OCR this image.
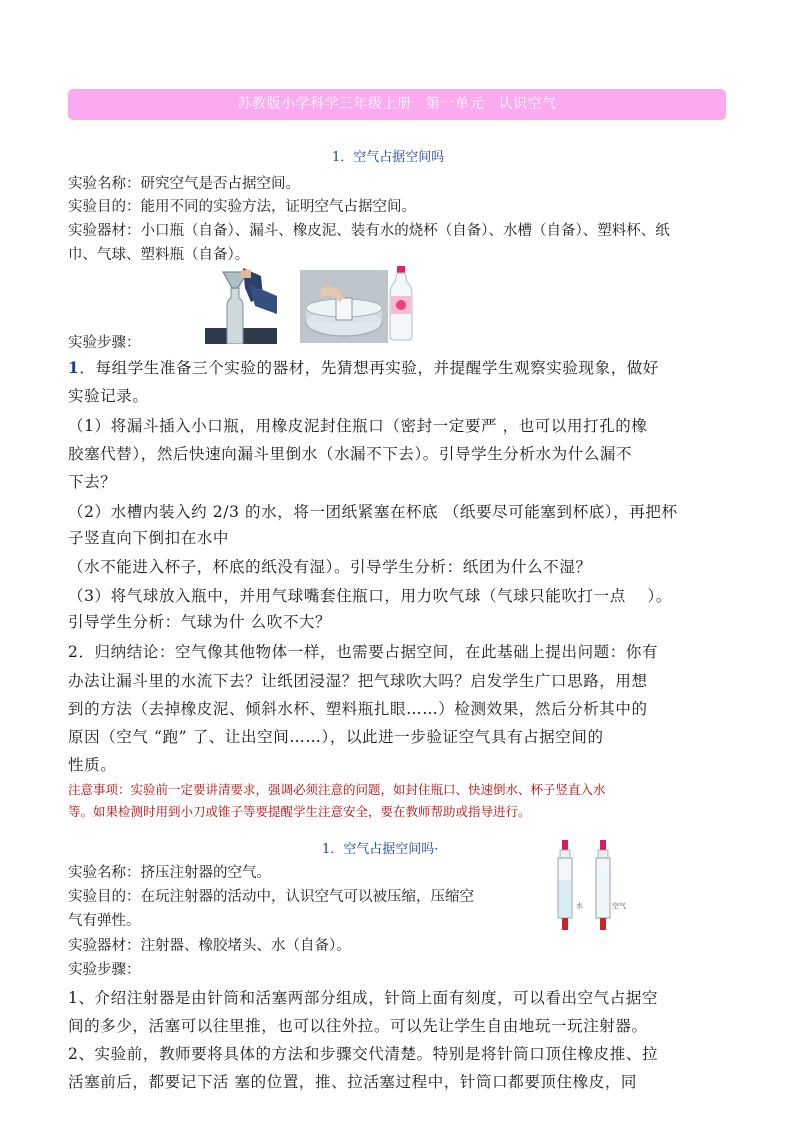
苏教版小学科学三年级上册　第一单元　认识空气
1．空气占据空间吗
实验名称：研究空气是否占据空间。
实验目的：能用不同的实验方法，证明空气占据空间。
实验器材：小口瓶（自备）、漏斗、橡皮泥、装有水的烧杯（自备）、水槽（自备）、塑料杯、纸
巾、气球、塑料瓶（自备）。
实验步骤：
1．每组学生准备三个实验的器材，先猜想再实验，并提醒学生观察实验现象，做好
实验记录。
（1）将漏斗插入小口瓶，用橡皮泥封住瓶口（密封一定要严 ，也可以用打孔的橡
胶塞代替），然后快速向漏斗里倒水（水漏不下去）。引导学生分析水为什么漏不
下去？
（2）水槽内装入约 2/3 的水，将一团纸紧塞在杯底 （纸要尽可能塞到杯底），再把杯
子竖直向下倒扣在水中
（水不能进入杯子，杯底的纸没有湿）。引导学生分析：纸团为什么不湿？
（3）将气球放入瓶中，并用气球嘴套住瓶口，用力吹气球（气球只能吹打一点　 ）。
引导学生分析：气球为什 么吹不大？
2．归纳结论：空气像其他物体一样，也需要占据空间，在此基础上提出问题：你有
办法让漏斗里的水流下去？让纸团浸湿？把气球吹大吗？启发学生广口思路，用想
到的方法（去掉橡皮泥、倾斜水杯、塑料瓶扎眼……）检测效果，然后分析其中的
原因（空气 “跑” 了、让出空间……），以此进一步验证空气具有占据空间的
性质。
注意事项：实验前一定要讲清要求，强调必须注意的问题，如封住瓶口、快速倒水、杯子竖直入水
等。如果检测时用到小刀或锥子等要提醒学生注意安全，要在教师帮助或指导进行。
1．空气占据空间吗·
实验名称：挤压注射器的空气。
实验目的：在玩注射器的活动中，认识空气可以被压缩，压缩空
气有弹性。
实验器材：注射器、橡胶堵头、水（自备）。
实验步骤：
水	空气
1、介绍注射器是由针筒和活塞两部分组成，针筒上面有刻度，可以看出空气占据空
间的多少，活塞可以往里推，也可以往外拉。可以先让学生自由地玩一玩注射器。
2、实验前，教师要将具体的方法和步骤交代清楚。特别是将针筒口顶住橡皮推、拉
活塞前后，都要记下活 塞的位置，推、拉活塞过程中，针筒口都要顶住橡皮，同
